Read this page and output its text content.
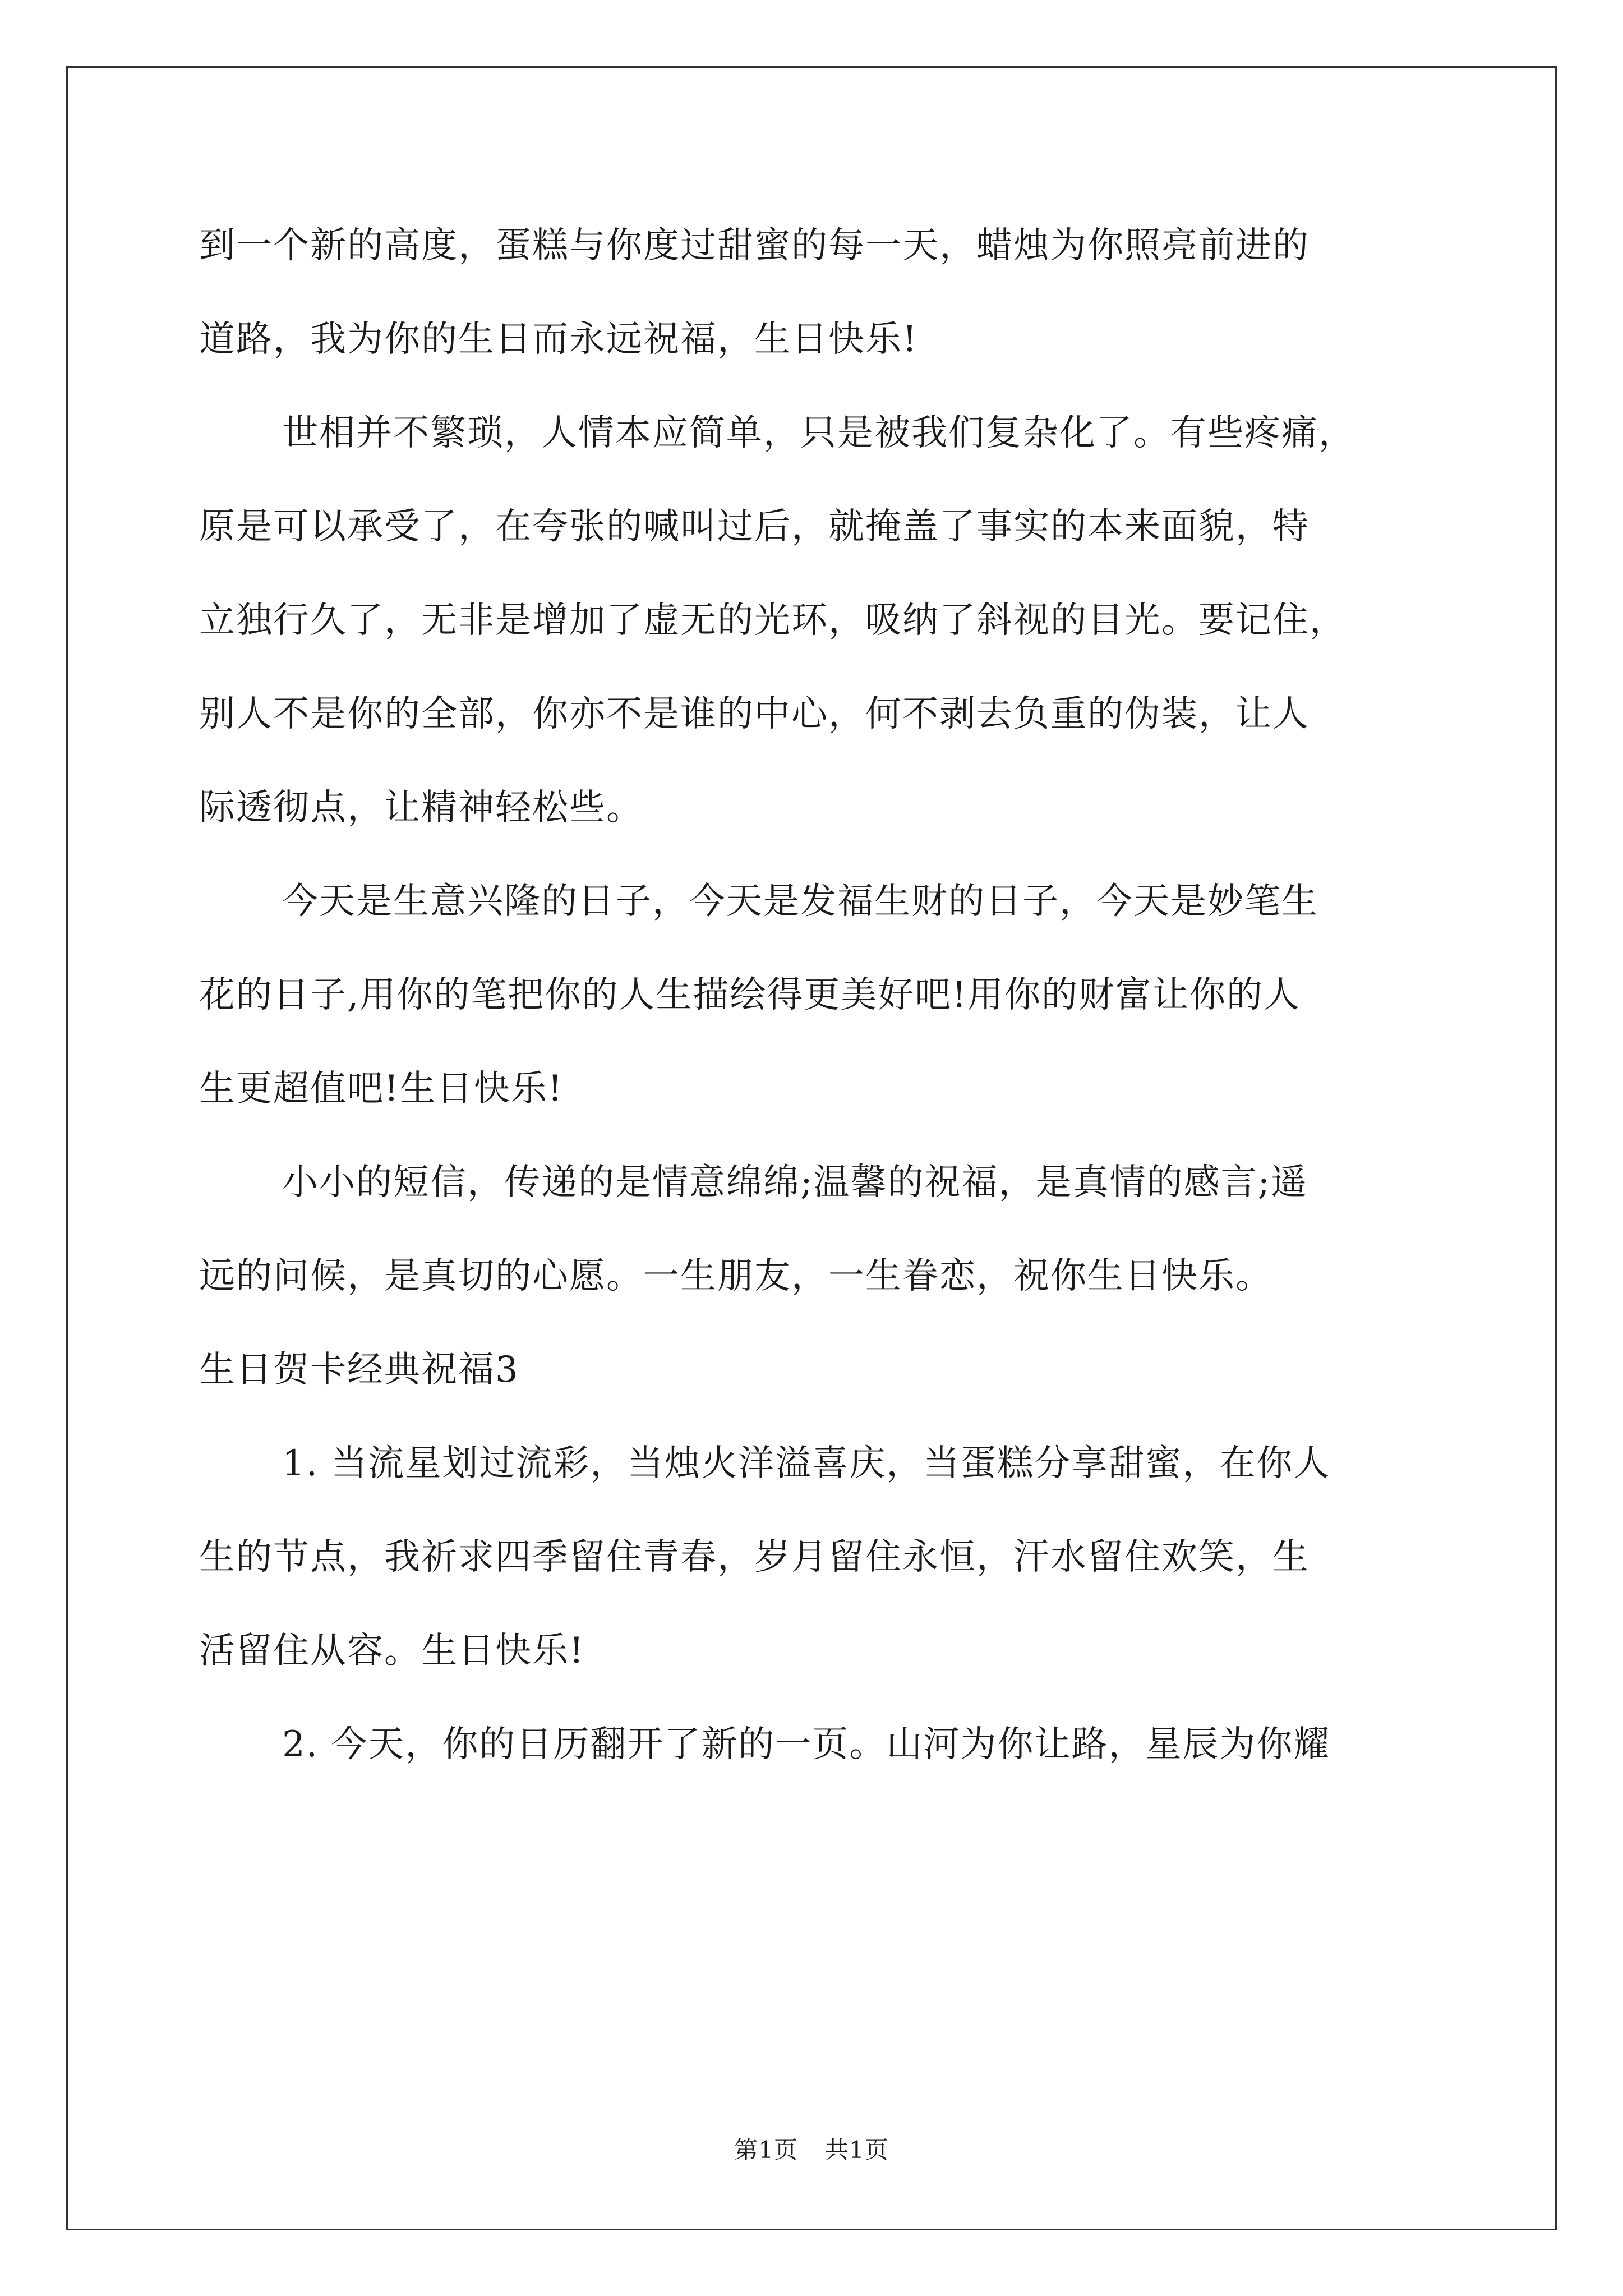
到一个新的高度，蛋糕与你度过甜蜜的每一天，蜡烛为你照亮前进的
道路，我为你的生日而永远祝福，生日快乐!
世相并不繁琐，人情本应简单，只是被我们复杂化了。有些疼痛，
原是可以承受了，在夸张的喊叫过后，就掩盖了事实的本来面貌，特
立独行久了，无非是增加了虚无的光环，吸纳了斜视的目光。要记住，
别人不是你的全部，你亦不是谁的中心，何不剥去负重的伪装，让人
际透彻点，让精神轻松些。
今天是生意兴隆的日子，今天是发福生财的日子，今天是妙笔生
花的日子,用你的笔把你的人生描绘得更美好吧!用你的财富让你的人
生更超值吧!生日快乐!
小小的短信，传递的是情意绵绵;温馨的祝福，是真情的感言;遥
远的问候，是真切的心愿。一生朋友，一生眷恋，祝你生日快乐。
生日贺卡经典祝福3
1. 当流星划过流彩，当烛火洋溢喜庆，当蛋糕分享甜蜜，在你人
生的节点，我祈求四季留住青春，岁月留住永恒，汗水留住欢笑，生
活留住从容。生日快乐!
2. 今天，你的日历翻开了新的一页。山河为你让路，星辰为你耀
第1页 共1页
